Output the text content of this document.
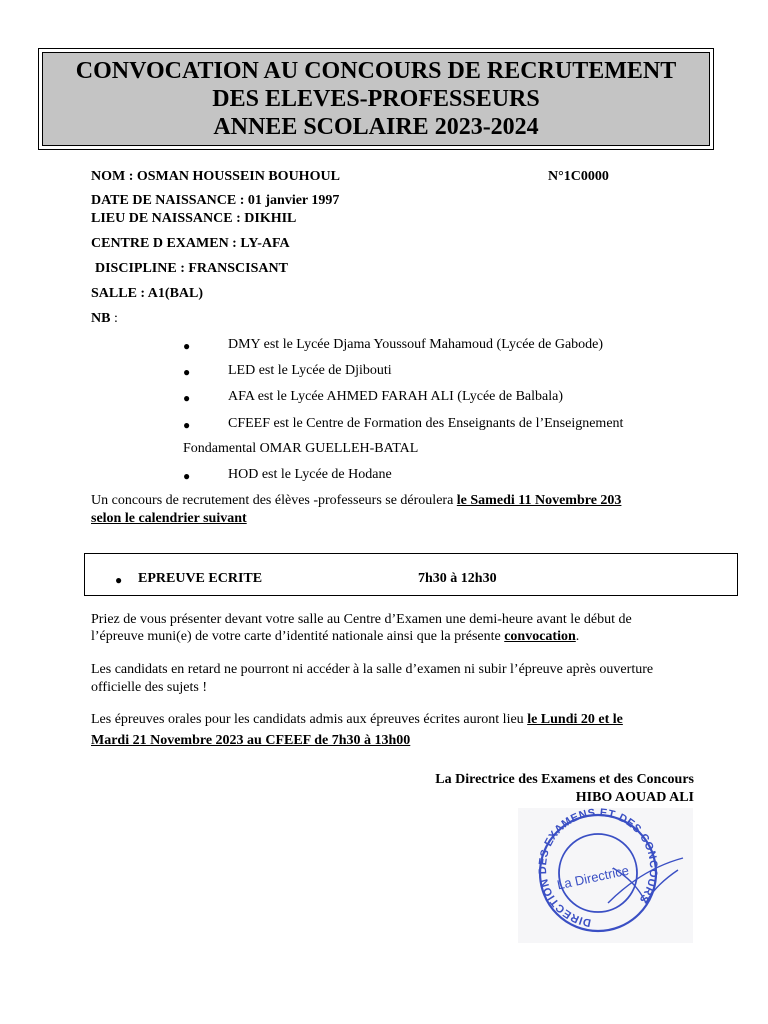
CONVOCATION AU CONCOURS DE RECRUTEMENT
DES ELEVES-PROFESSEURS
ANNEE SCOLAIRE 2023-2024
NOM : OSMAN HOUSSEIN BOUHOUL	N°1C0000
DATE DE NAISSANCE : 01 janvier 1997
LIEU DE NAISSANCE : DIKHIL
CENTRE D EXAMEN : LY-AFA
DISCIPLINE : FRANSCISANT
SALLE : A1(BAL)
NB :
●	DMY est le Lycée Djama Youssouf Mahamoud (Lycée de Gabode)
●	LED est le Lycée de Djibouti
●	AFA est le Lycée AHMED FARAH ALI (Lycée de Balbala)
●	CFEEF est le Centre de Formation des Enseignants de l’Enseignement
Fondamental OMAR GUELLEH-BATAL
●	HOD est le Lycée de Hodane
Un concours de recrutement des élèves -professeurs se déroulera le Samedi 11 Novembre 203
selon le calendrier suivant
● EPREUVE ECRITE	7h30 à 12h30
Priez de vous présenter devant votre salle au Centre d’Examen une demi-heure avant le début de
l’épreuve muni(e) de votre carte d’identité nationale ainsi que la présente convocation.
Les candidats en retard ne pourront ni accéder à la salle d’examen ni subir l’épreuve après ouverture
officielle des sujets !
Les épreuves orales pour les candidats admis aux épreuves écrites auront lieu le Lundi 20 et le
Mardi 21 Novembre 2023 au CFEEF de 7h30 à 13h00
La Directrice des Examens et des Concours
HIBO AOUAD ALI
DIRECTION DES EXAMENS ET DES CONCOURS
La Directrice
